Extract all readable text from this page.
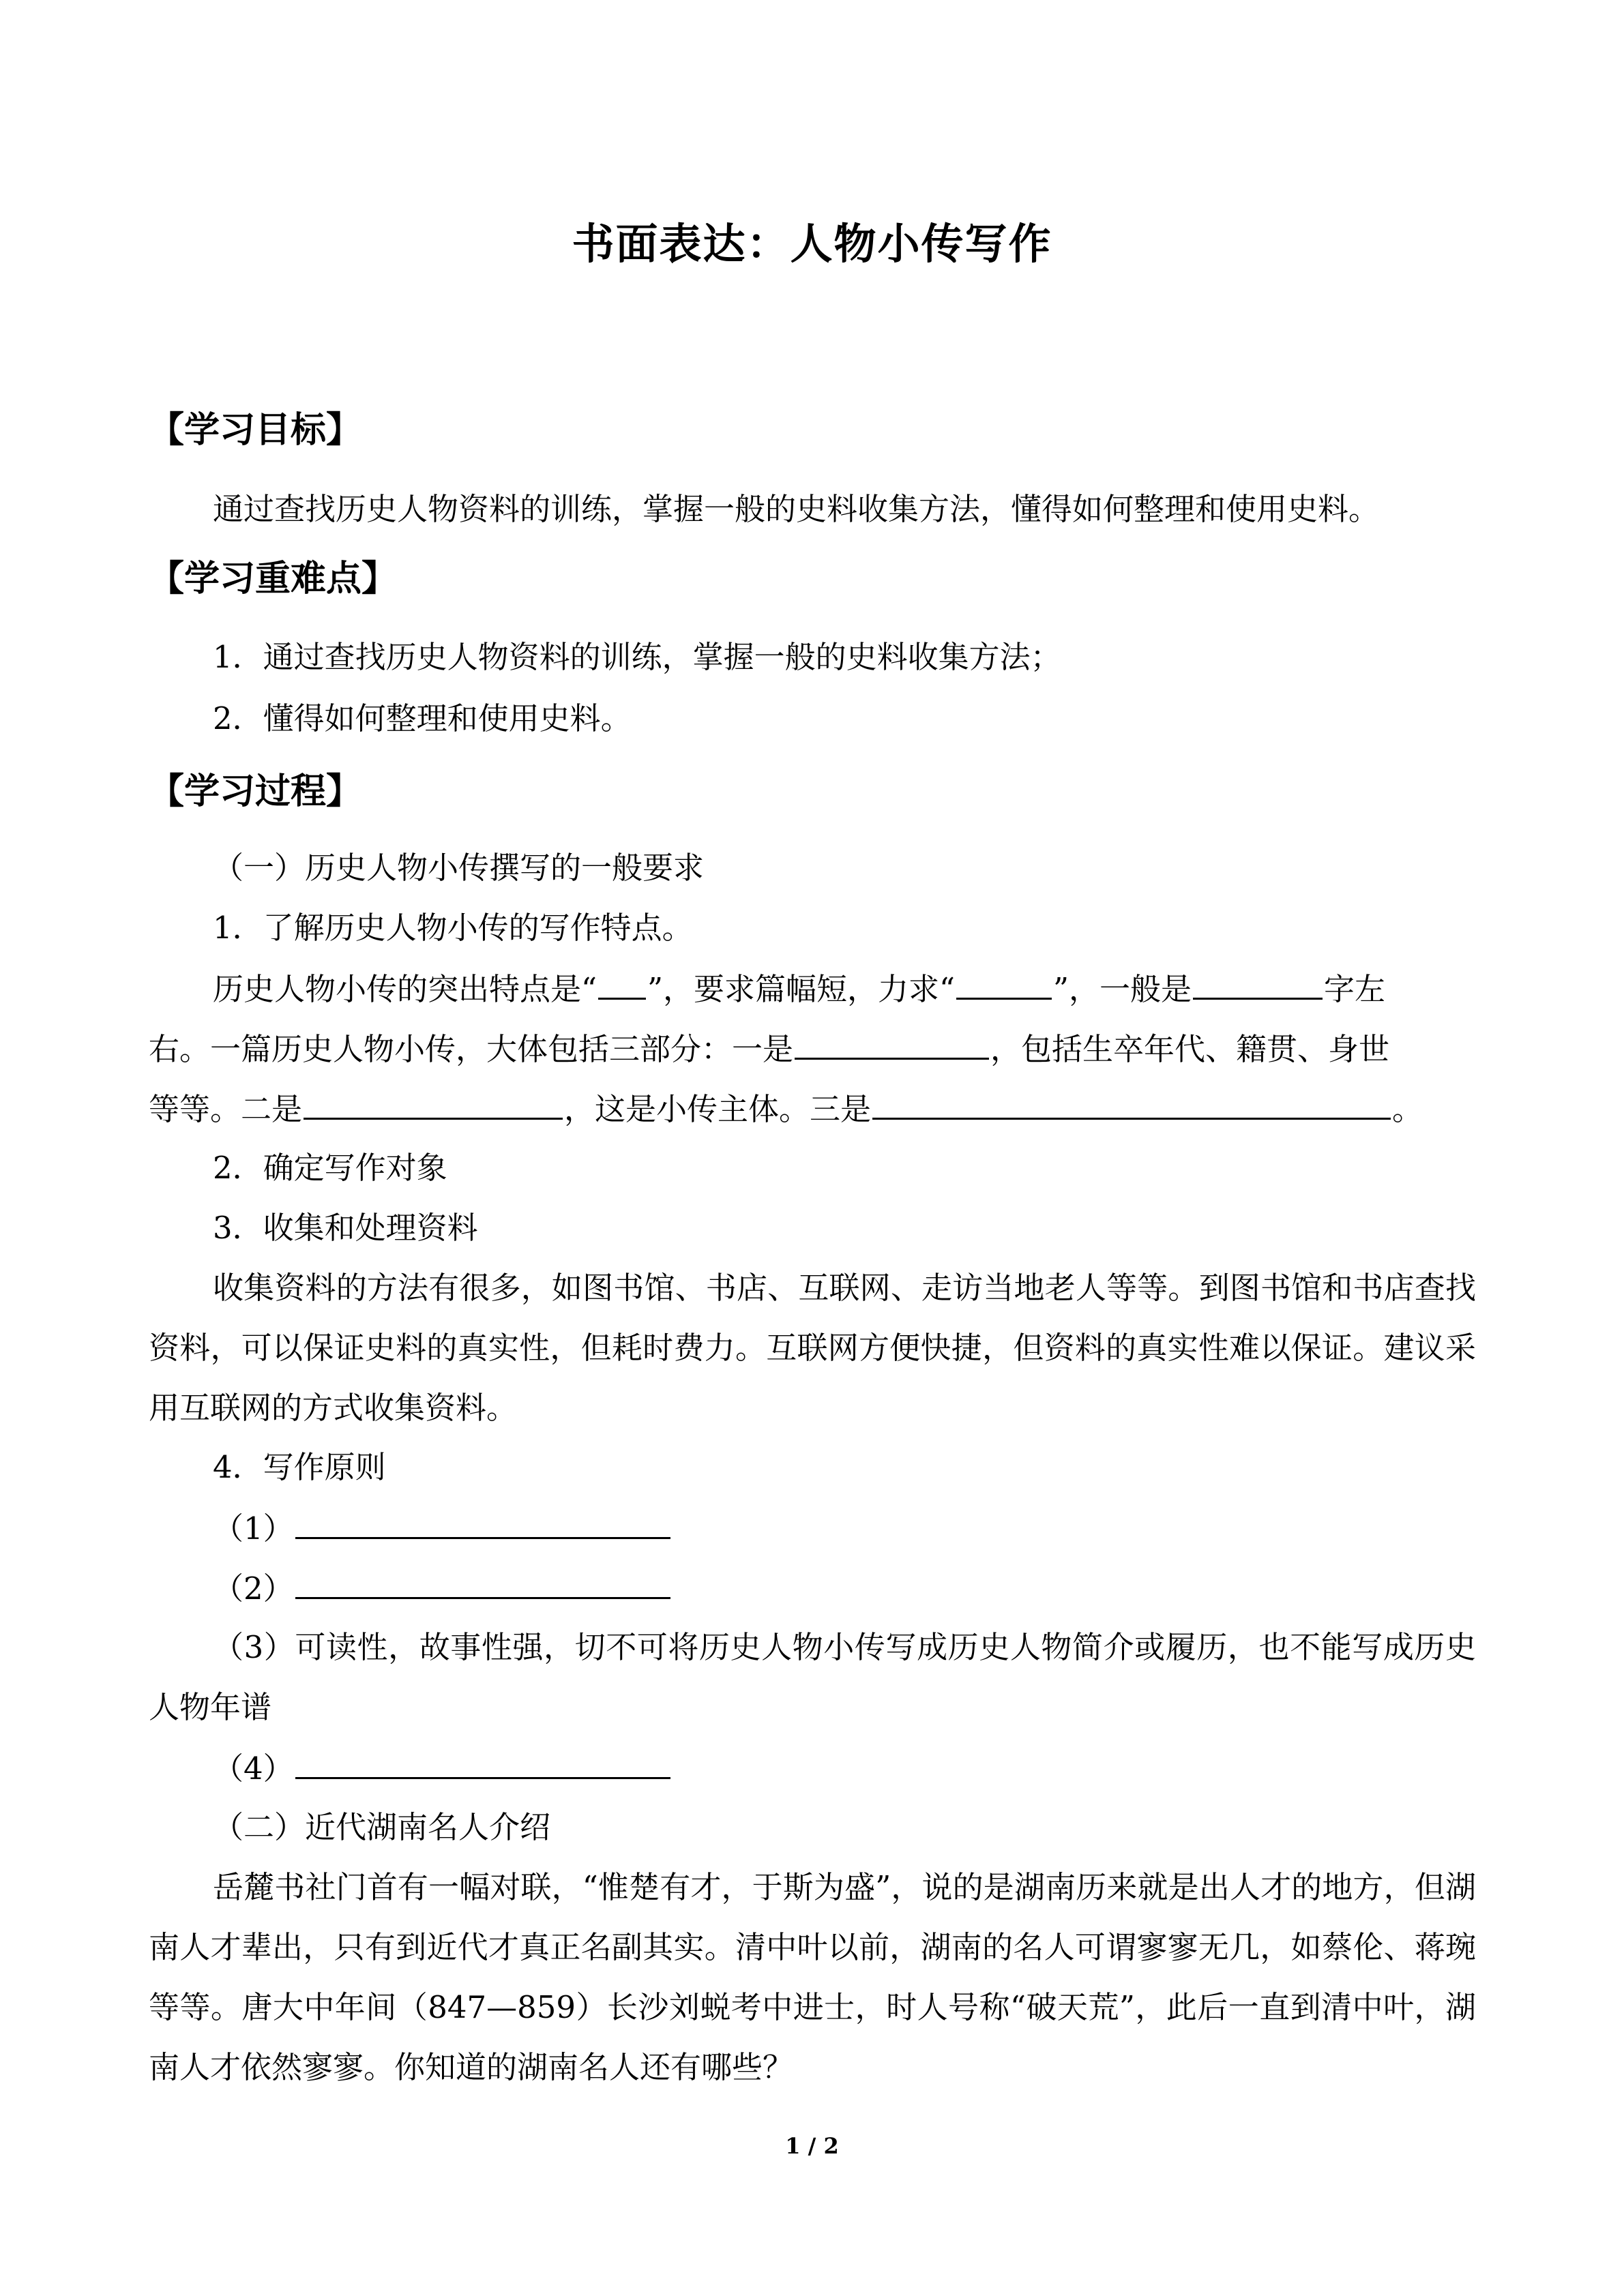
书面表达：人物小传写作
【学习目标】
通过查找历史人物资料的训练，掌握一般的史料收集方法，懂得如何整理和使用史料。
【学习重难点】
1．通过查找历史人物资料的训练，掌握一般的史料收集方法；
2．懂得如何整理和使用史料。
【学习过程】
（一）历史人物小传撰写的一般要求
1．了解历史人物小传的写作特点。
历史人物小传的突出特点是“ ”，要求篇幅短，力求“	”，一般是	字左
右。一篇历史人物小传，大体包括三部分：一是	，包括生卒年代、籍贯、身世
等等。二是	，这是小传主体。三是	。
2．确定写作对象
3．收集和处理资料
收集资料的方法有很多，如图书馆、书店、互联网、走访当地老人等等。到图书馆和书店查找资料，可以保证史料的真实性，但耗时费力。互联网方便快捷，但资料的真实性难以保证。建议采用互联网的方式收集资料。
4．写作原则
（1）
（2）
（3）可读性，故事性强，切不可将历史人物小传写成历史人物简介或履历，也不能写成历史人物年谱
（4）
（二）近代湖南名人介绍
岳麓书社门首有一幅对联，“惟楚有才，于斯为盛”，说的是湖南历来就是出人才的地方，但湖南人才辈出，只有到近代才真正名副其实。清中叶以前，湖南的名人可谓寥寥无几，如蔡伦、蒋琬等等。唐大中年间（847—859）长沙刘蜕考中进士，时人号称“破天荒”，此后一直到清中叶，湖南人才依然寥寥。你知道的湖南名人还有哪些？
1 / 2
